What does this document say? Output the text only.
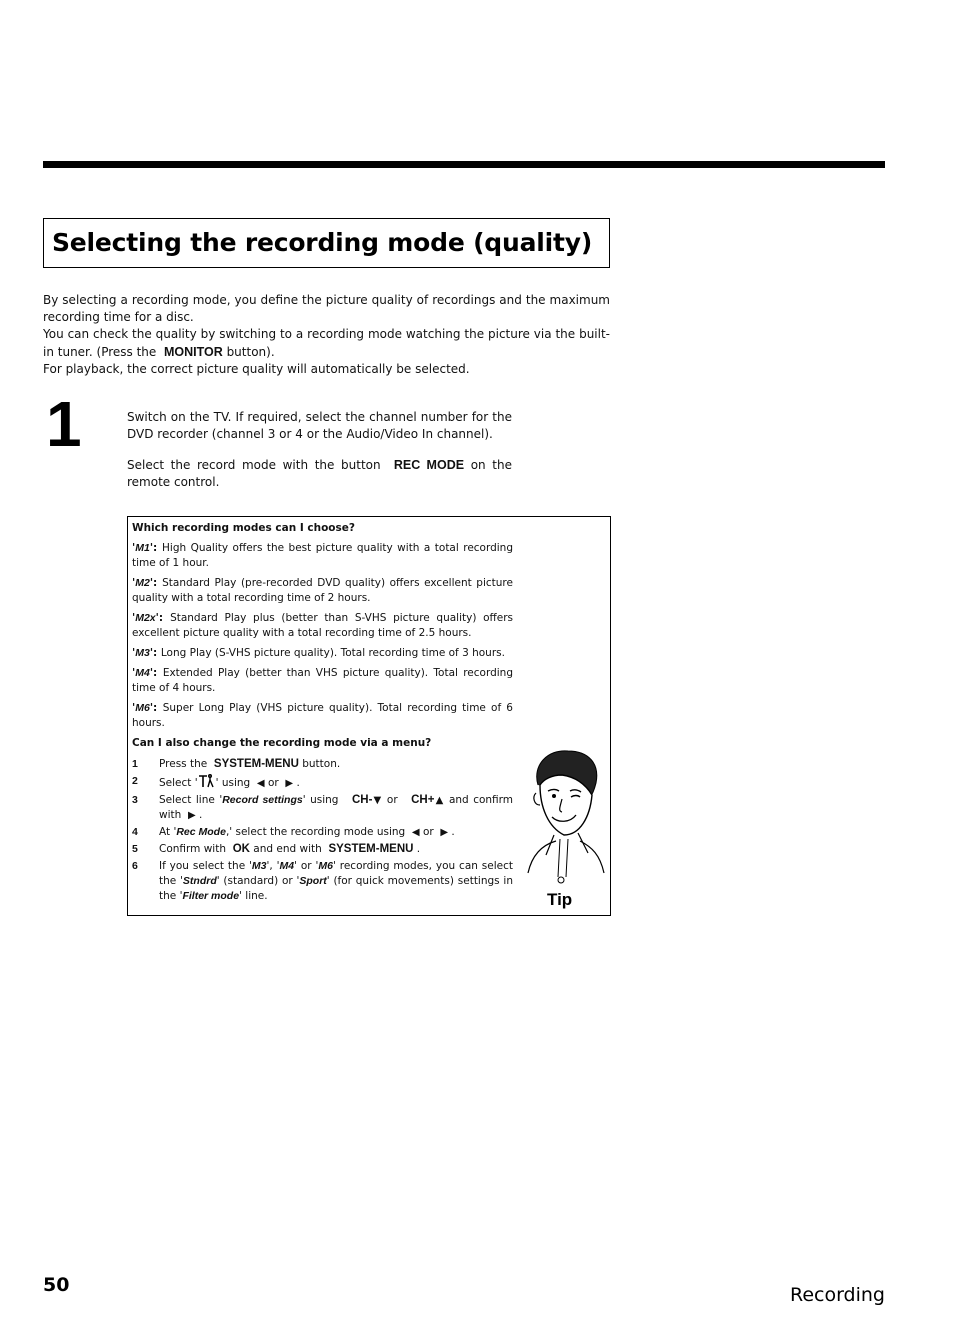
Selecting the recording mode (quality)

By selecting a recording mode, you define the picture quality of recordings and the maximum recording time for a disc.

You can check the quality by switching to a recording mode watching the picture via the built-in tuner. (Press the MONITOR button).

For playback, the correct picture quality will automatically be selected.

1	Switch on the TV. If required, select the channel number for the DVD recorder (channel 3 or 4 or the Audio/Video In channel).

Select the record mode with the button REC MODE on the remote control.

Which recording modes can I choose?

'M1': High Quality offers the best picture quality with a total recording time of 1 hour.

'M2': Standard Play (pre-recorded DVD quality) offers excellent picture quality with a total recording time of 2 hours.

'M2x': Standard Play plus (better than S-VHS picture quality) offers excellent picture quality with a total recording time of 2.5 hours.

'M3': Long Play (S-VHS picture quality). Total recording time of 3 hours.

'M4': Extended Play (better than VHS picture quality). Total recording time of 4 hours.

'M6': Super Long Play (VHS picture quality). Total recording time of 6 hours.

Can I also change the recording mode via a menu?

1 Press the SYSTEM-MENU button.
2 Select ' ' using ◀ or ▶ .
3 Select line 'Record settings' using CH-▼ or CH+▲ and confirm with ▶ .
4 At 'Rec Mode,' select the recording mode using ◀ or ▶ .
5 Confirm with OK and end with SYSTEM-MENU .
6 If you select the 'M3', 'M4' or 'M6' recording modes, you can select the 'Stndrd' (standard) or 'Sport' (for quick movements) settings in the 'Filter mode' line.	Tip
50	Recording
